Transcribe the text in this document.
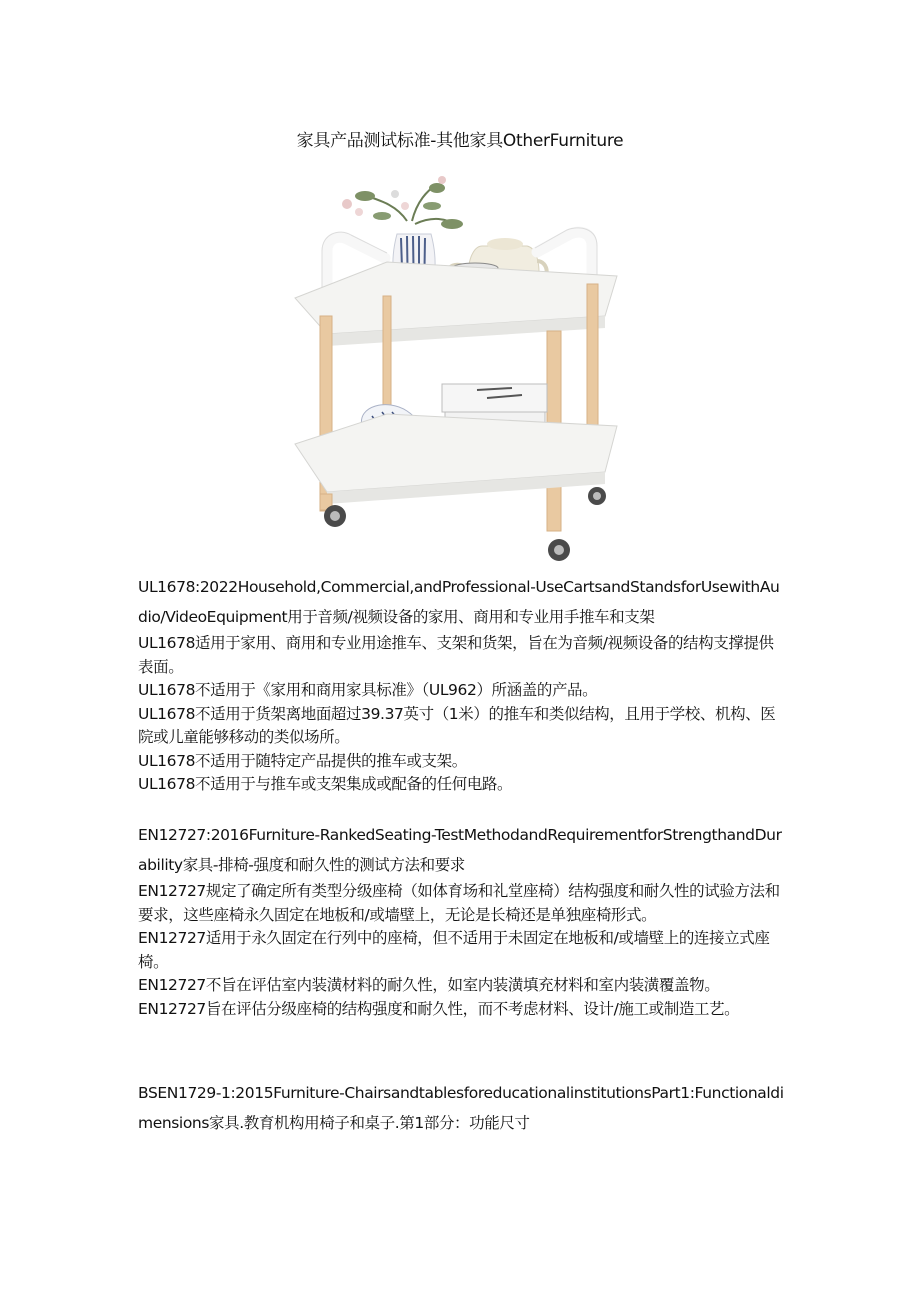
家具产品测试标准-其他家具OtherFurniture

UL1678:2022Household,Commercial,andProfessional-UseCartsandStandsforUsewithAudio/VideoEquipment用于音频/视频设备的家用、商用和专业用手推车和支架

UL1678适用于家用、商用和专业用途推车、支架和货架，旨在为音频/视频设备的结构支撑提供表面。

UL1678不适用于《家用和商用家具标准》（UL962）所涵盖的产品。

UL1678不适用于货架离地面超过39.37英寸（1米）的推车和类似结构，且用于学校、机构、医院或儿童能够移动的类似场所。

UL1678不适用于随特定产品提供的推车或支架。

UL1678不适用于与推车或支架集成或配备的任何电路。

EN12727:2016Furniture-RankedSeating-TestMethodandRequirementforStrengthandDurability家具-排椅-强度和耐久性的测试方法和要求

EN12727规定了确定所有类型分级座椅（如体育场和礼堂座椅）结构强度和耐久性的试验方法和要求，这些座椅永久固定在地板和/或墙壁上，无论是长椅还是单独座椅形式。

EN12727适用于永久固定在行列中的座椅，但不适用于未固定在地板和/或墙壁上的连接立式座椅。

EN12727不旨在评估室内装潢材料的耐久性，如室内装潢填充材料和室内装潢覆盖物。

EN12727旨在评估分级座椅的结构强度和耐久性，而不考虑材料、设计/施工或制造工艺。

BSEN1729-1:2015Furniture-ChairsandtablesforeducationalinstitutionsPart1:Functionaldimensions家具.教育机构用椅子和桌子.第1部分：功能尺寸
